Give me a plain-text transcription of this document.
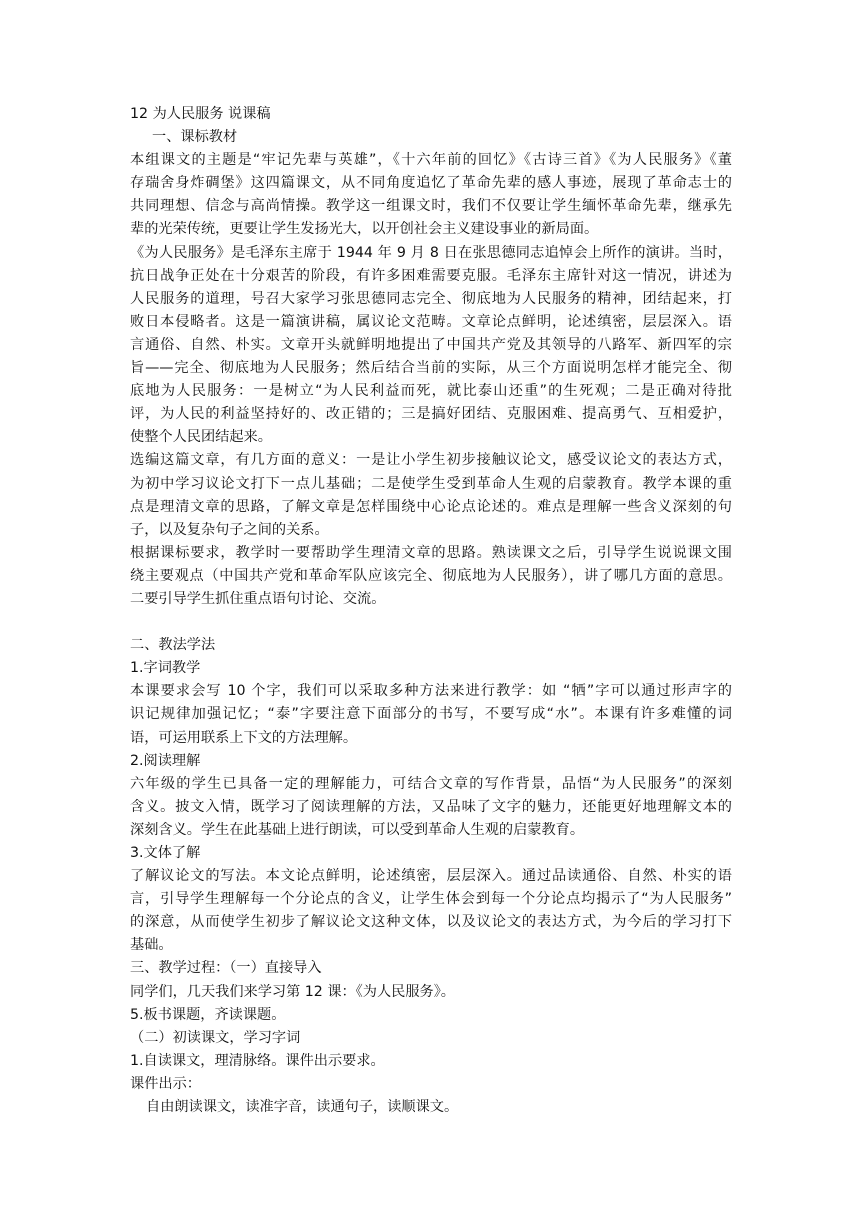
12 为人民服务 说课稿
一、课标教材
本组课文的主题是“牢记先辈与英雄”，《十六年前的回忆》《古诗三首》《为人民服务》《董
存瑞舍身炸碉堡》这四篇课文，从不同角度追忆了革命先辈的感人事迹，展现了革命志士的
共同理想、信念与高尚情操。教学这一组课文时，我们不仅要让学生缅怀革命先辈，继承先
辈的光荣传统，更要让学生发扬光大，以开创社会主义建设事业的新局面。
《为人民服务》是毛泽东主席于 1944 年 9 月 8 日在张思德同志追悼会上所作的演讲。当时，
抗日战争正处在十分艰苦的阶段，有许多困难需要克服。毛泽东主席针对这一情况，讲述为
人民服务的道理，号召大家学习张思德同志完全、彻底地为人民服务的精神，团结起来，打
败日本侵略者。这是一篇演讲稿，属议论文范畴。文章论点鲜明，论述缜密，层层深入。语
言通俗、自然、朴实。文章开头就鲜明地提出了中国共产党及其领导的八路军、新四军的宗
旨——完全、彻底地为人民服务；然后结合当前的实际，从三个方面说明怎样才能完全、彻
底地为人民服务：一是树立“为人民利益而死，就比泰山还重”的生死观；二是正确对待批
评，为人民的利益坚持好的、改正错的；三是搞好团结、克服困难、提高勇气、互相爱护，
使整个人民团结起来。
选编这篇文章，有几方面的意义：一是让小学生初步接触议论文，感受议论文的表达方式，
为初中学习议论文打下一点儿基础；二是使学生受到革命人生观的启蒙教育。教学本课的重
点是理清文章的思路，了解文章是怎样围绕中心论点论述的。难点是理解一些含义深刻的句
子，以及复杂句子之间的关系。
根据课标要求，教学时一要帮助学生理清文章的思路。熟读课文之后，引导学生说说课文围
绕主要观点（中国共产党和革命军队应该完全、彻底地为人民服务），讲了哪几方面的意思。
二要引导学生抓住重点语句讨论、交流。
二、教法学法
1.字词教学
本课要求会写 10 个字，我们可以采取多种方法来进行教学：如 “牺”字可以通过形声字的
识记规律加强记忆；“泰”字要注意下面部分的书写，不要写成“水”。本课有许多难懂的词
语，可运用联系上下文的方法理解。
2.阅读理解
六年级的学生已具备一定的理解能力，可结合文章的写作背景，品悟“为人民服务”的深刻
含义。披文入情，既学习了阅读理解的方法，又品味了文字的魅力，还能更好地理解文本的
深刻含义。学生在此基础上进行朗读，可以受到革命人生观的启蒙教育。
3.文体了解
了解议论文的写法。本文论点鲜明，论述缜密，层层深入。通过品读通俗、自然、朴实的语
言，引导学生理解每一个分论点的含义，让学生体会到每一个分论点均揭示了“为人民服务”
的深意，从而使学生初步了解议论文这种文体，以及议论文的表达方式，为今后的学习打下
基础。
三、教学过程：（一）直接导入
同学们，几天我们来学习第 12 课：《为人民服务》。
5.板书课题，齐读课题。
（二）初读课文，学习字词
1.自读课文，理清脉络。课件出示要求。
课件出示：
自由朗读课文，读准字音，读通句子，读顺课文。
